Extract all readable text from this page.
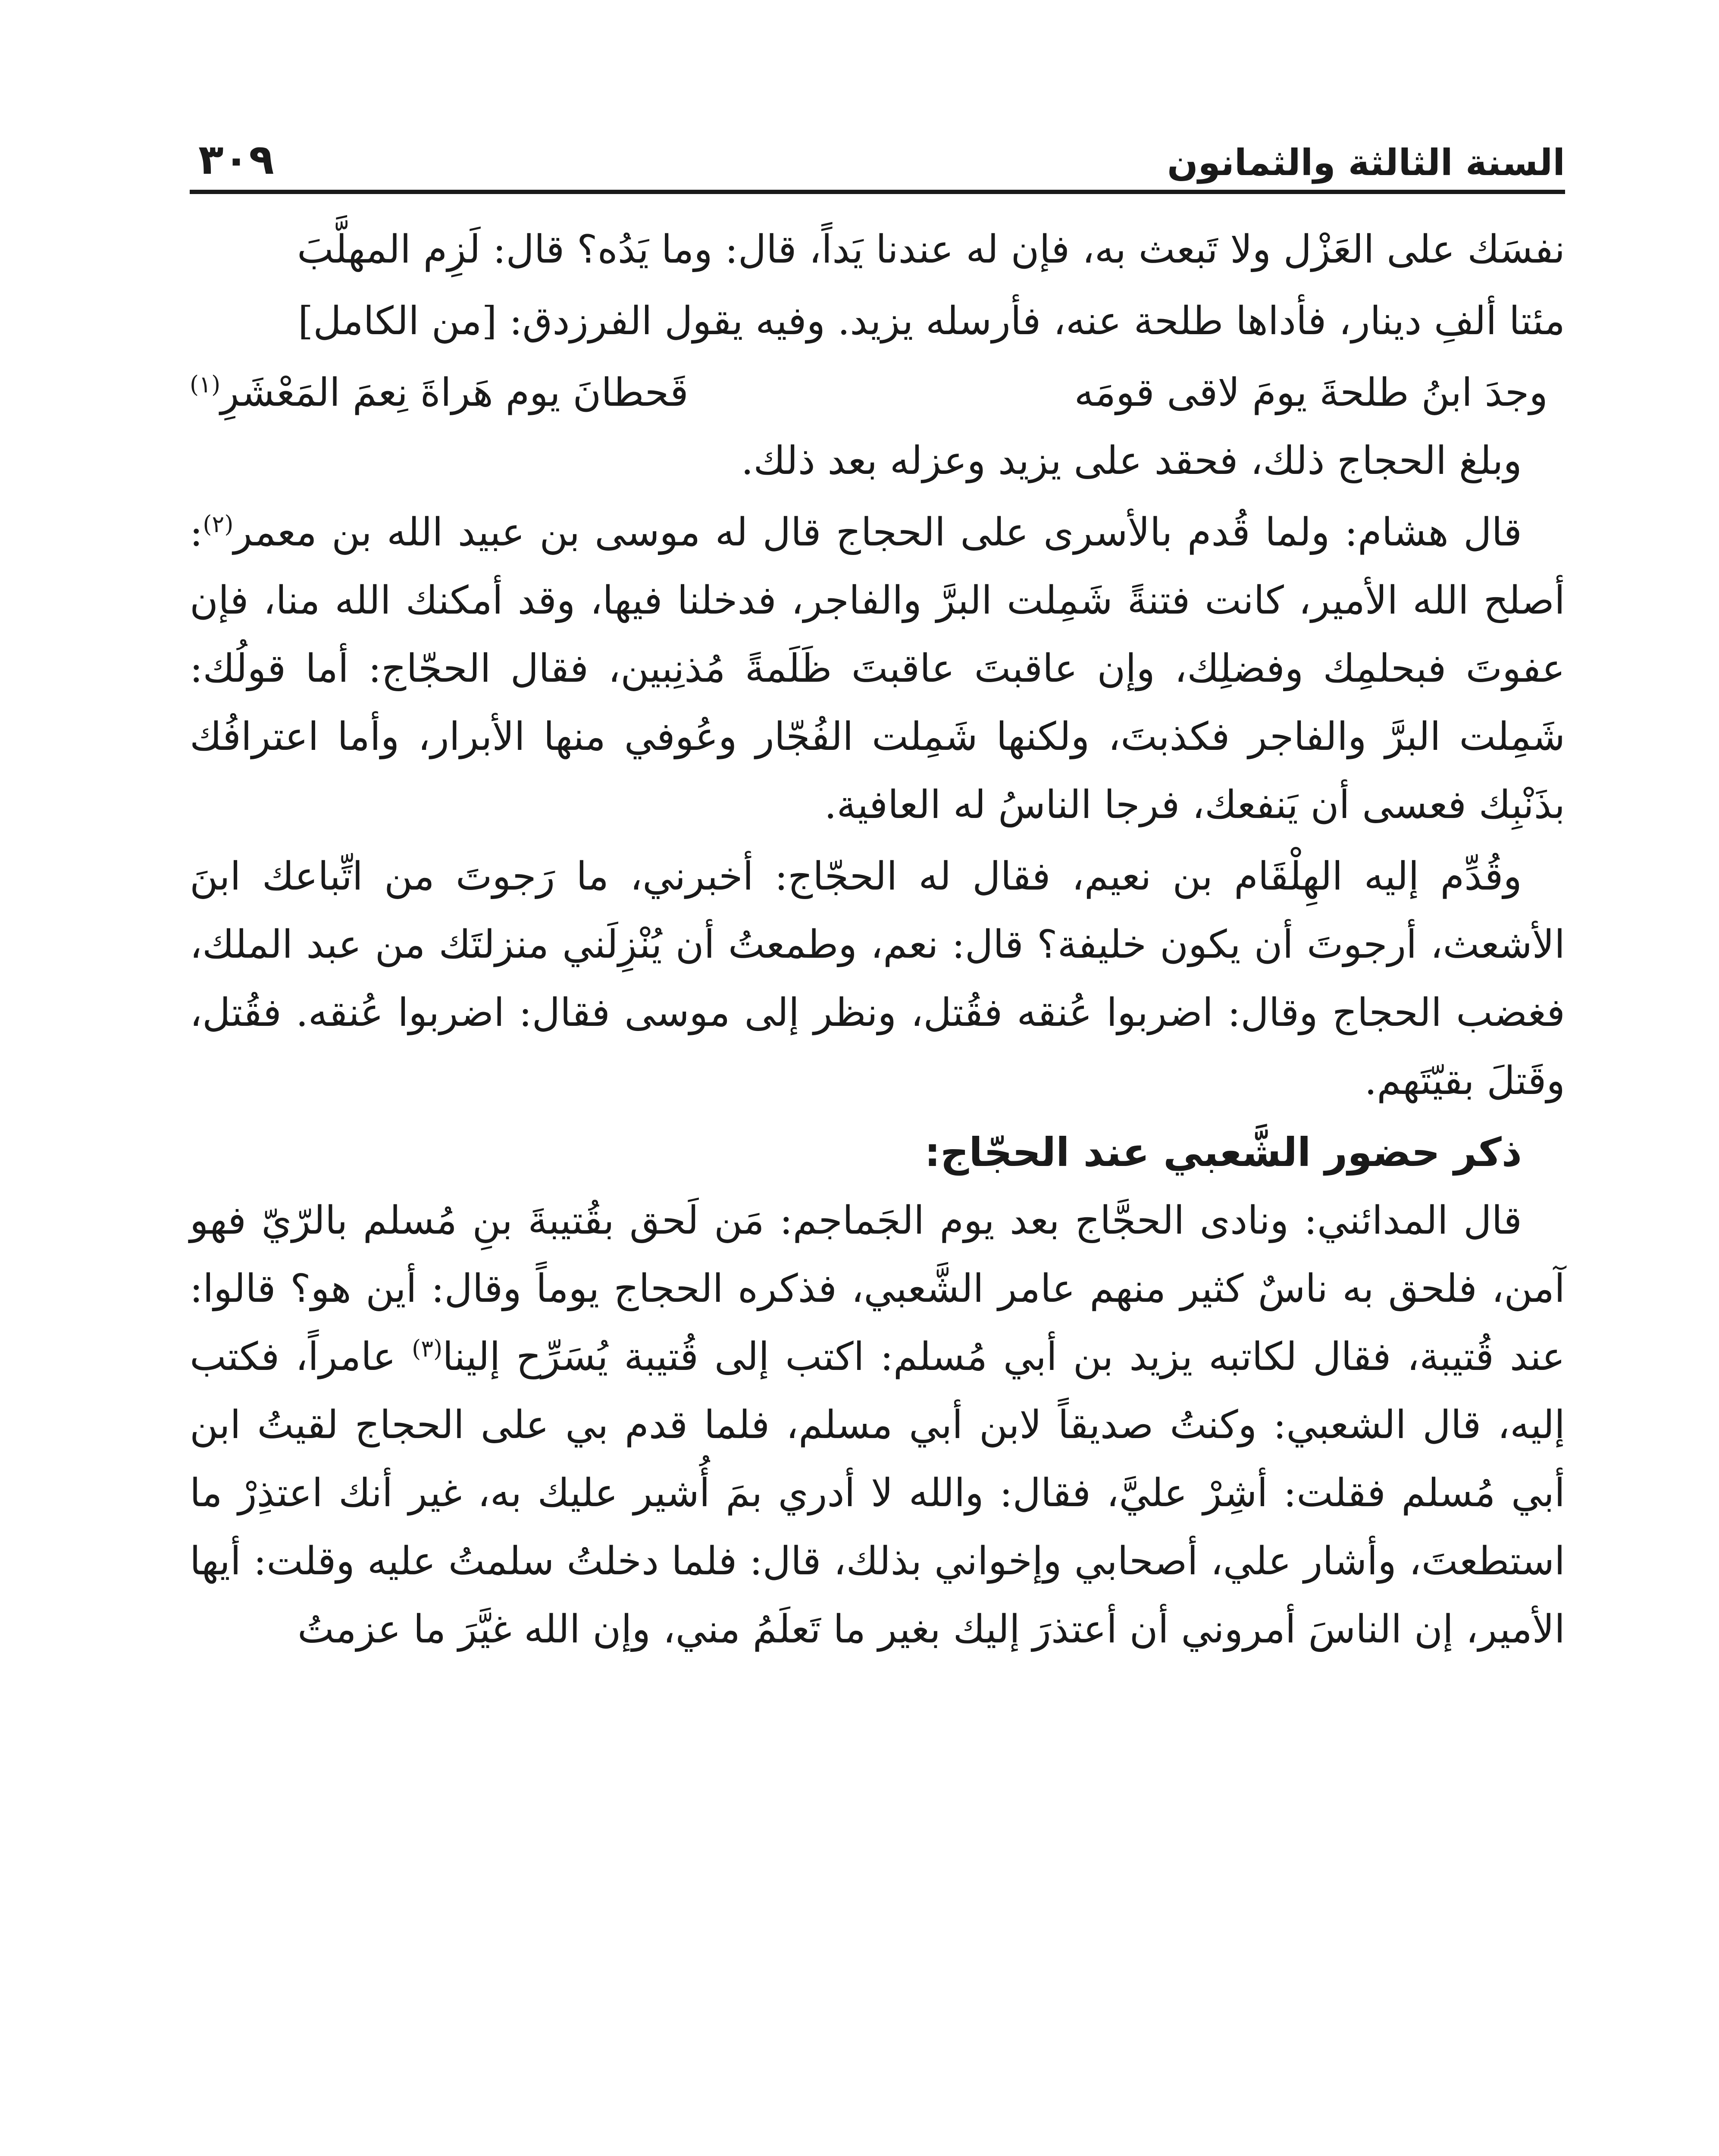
السنة الثالثة والثمانون
٣٠٩

نفسَك على العَزْل ولا تَبعث به، فإن له عندنا يَداً، قال: وما يَدُه؟ قال: لَزِم المهلَّبَ

مئتا ألفِ دينار، فأداها طلحة عنه، فأرسله يزيد. وفيه يقول الفرزدق: [من الكامل]

وجدَ ابنُ طلحةَ يومَ لاقى قومَه
قَحطانَ يوم هَراةَ نِعمَ المَعْشَرِ$^{(١)}$

وبلغ الحجاج ذلك، فحقد على يزيد وعزله بعد ذلك.

قال هشام: ولما قُدم بالأسرى على الحجاج قال له موسى بن عبيد الله بن معمر$^{(٢)}$: أصلح الله الأمير، كانت فتنةً شَمِلت البرَّ والفاجر، فدخلنا فيها، وقد أمكنك الله منا، فإن عفوتَ فبحلمِك وفضلِك، وإن عاقبتَ عاقبتَ ظَلَمةً مُذنِبين، فقال الحجّاج: أما قولُك: شَمِلت البرَّ والفاجر فكذبتَ، ولكنها شَمِلت الفُجّار وعُوفي منها الأبرار، وأما اعترافُك بذَنْبِك فعسى أن يَنفعك، فرجا الناسُ له العافية.

وقُدِّم إليه الهِلْقَام بن نعيم، فقال له الحجّاج: أخبرني، ما رَجوتَ من اتِّباعك ابنَ الأشعث، أرجوتَ أن يكون خليفة؟ قال: نعم، وطمعتُ أن يُنْزِلَني منزلتَك من عبد الملك، فغضب الحجاج وقال: اضربوا عُنقه فقُتل، ونظر إلى موسى فقال: اضربوا عُنقه. فقُتل، وقَتلَ بقيّتَهم.

ذكر حضور الشَّعبي عند الحجّاج:

قال المدائني: ونادى الحجَّاج بعد يوم الجَماجم: مَن لَحق بقُتيبةَ بنِ مُسلم بالرّيّ فهو آمن، فلحق به ناسٌ كثير منهم عامر الشَّعبي، فذكره الحجاج يوماً وقال: أين هو؟ قالوا: عند قُتيبة، فقال لكاتبه يزيد بن أبي مُسلم: اكتب إلى قُتيبة يُسَرِّح إلينا$^{(٣)}$ عامراً، فكتب إليه، قال الشعبي: وكنتُ صديقاً لابن أبي مسلم، فلما قدم بي على الحجاج لقيتُ ابن أبي مُسلم فقلت: أشِرْ عليَّ، فقال: والله لا أدري بمَ أُشير عليك به، غير أنك اعتذِرْ ما استطعتَ، وأشار علي، أصحابي وإخواني بذلك، قال: فلما دخلتُ سلمتُ عليه وقلت: أيها الأمير، إن الناسَ أمروني أن أعتذرَ إليك بغير ما تَعلَمُ مني، وإن الله غيَّرَ ما عزمتُ
